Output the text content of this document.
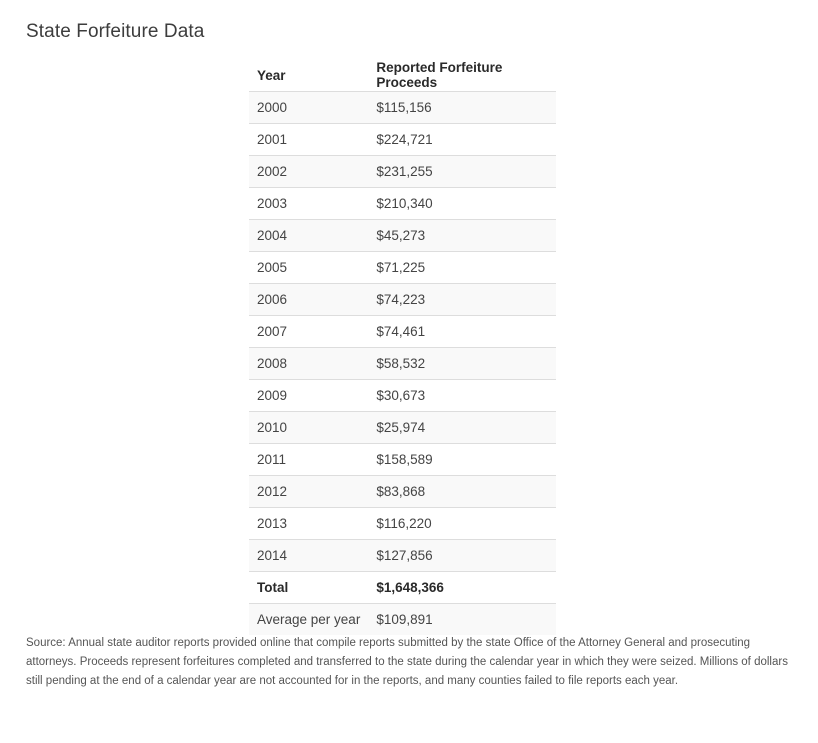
State Forfeiture Data
Year	Reported Forfeiture Proceeds
2000	$115,156
2001	$224,721
2002	$231,255
2003	$210,340
2004	$45,273
2005	$71,225
2006	$74,223
2007	$74,461
2008	$58,532
2009	$30,673
2010	$25,974
2011	$158,589
2012	$83,868
2013	$116,220
2014	$127,856
Total	$1,648,366
Average per year	$109,891

Source: Annual state auditor reports provided online that compile reports submitted by the state Office of the Attorney General and prosecuting attorneys. Proceeds represent forfeitures completed and transferred to the state during the calendar year in which they were seized. Millions of dollars still pending at the end of a calendar year are not accounted for in the reports, and many counties failed to file reports each year.
